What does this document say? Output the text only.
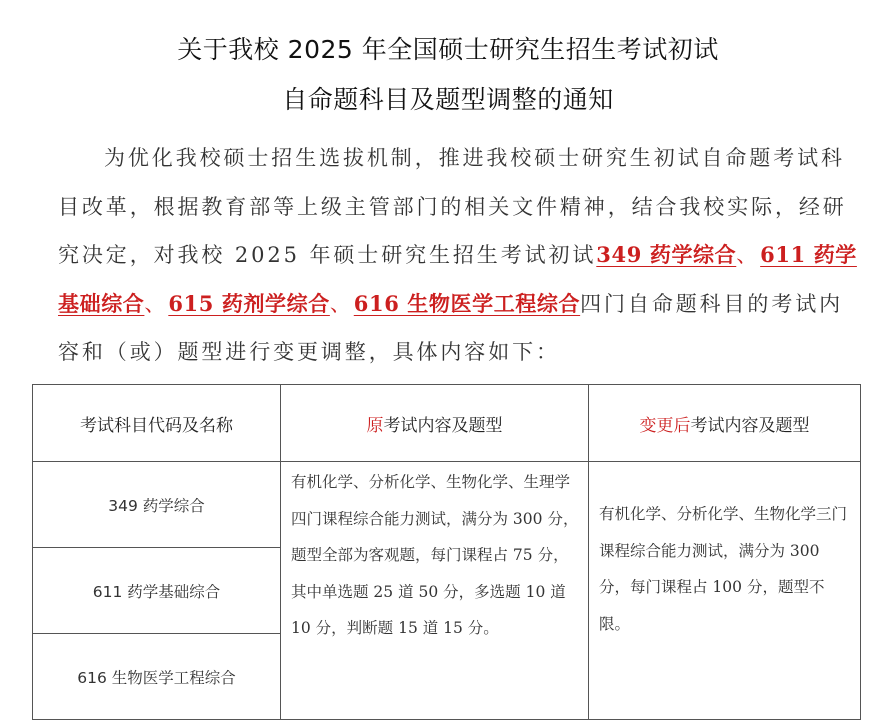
关于我校 2025 年全国硕士研究生招生考试初试
自命题科目及题型调整的通知
为优化我校硕士招生选拔机制，推进我校硕士研究生初试自命题考试科目改革，根据教育部等上级主管部门的相关文件精神，结合我校实际，经研究决定，对我校 2025 年硕士研究生招生考试初试349 药学综合、611 药学基础综合、615 药剂学综合、616 生物医学工程综合四门自命题科目的考试内容和（或）题型进行变更调整，具体内容如下：
考试科目代码及名称	原考试内容及题型	变更后考试内容及题型
349 药学综合	有机化学、分析化学、生物化学、生理学四门课程综合能力测试，满分为 300 分，题型全部为客观题，每门课程占 75 分，其中单选题 25 道 50 分，多选题 10 道 10 分，判断题 15 道 15 分。	有机化学、分析化学、生物化学三门课程综合能力测试，满分为 300 分，每门课程占 100 分，题型不限。
611 药学基础综合		
616 生物医学工程综合		
